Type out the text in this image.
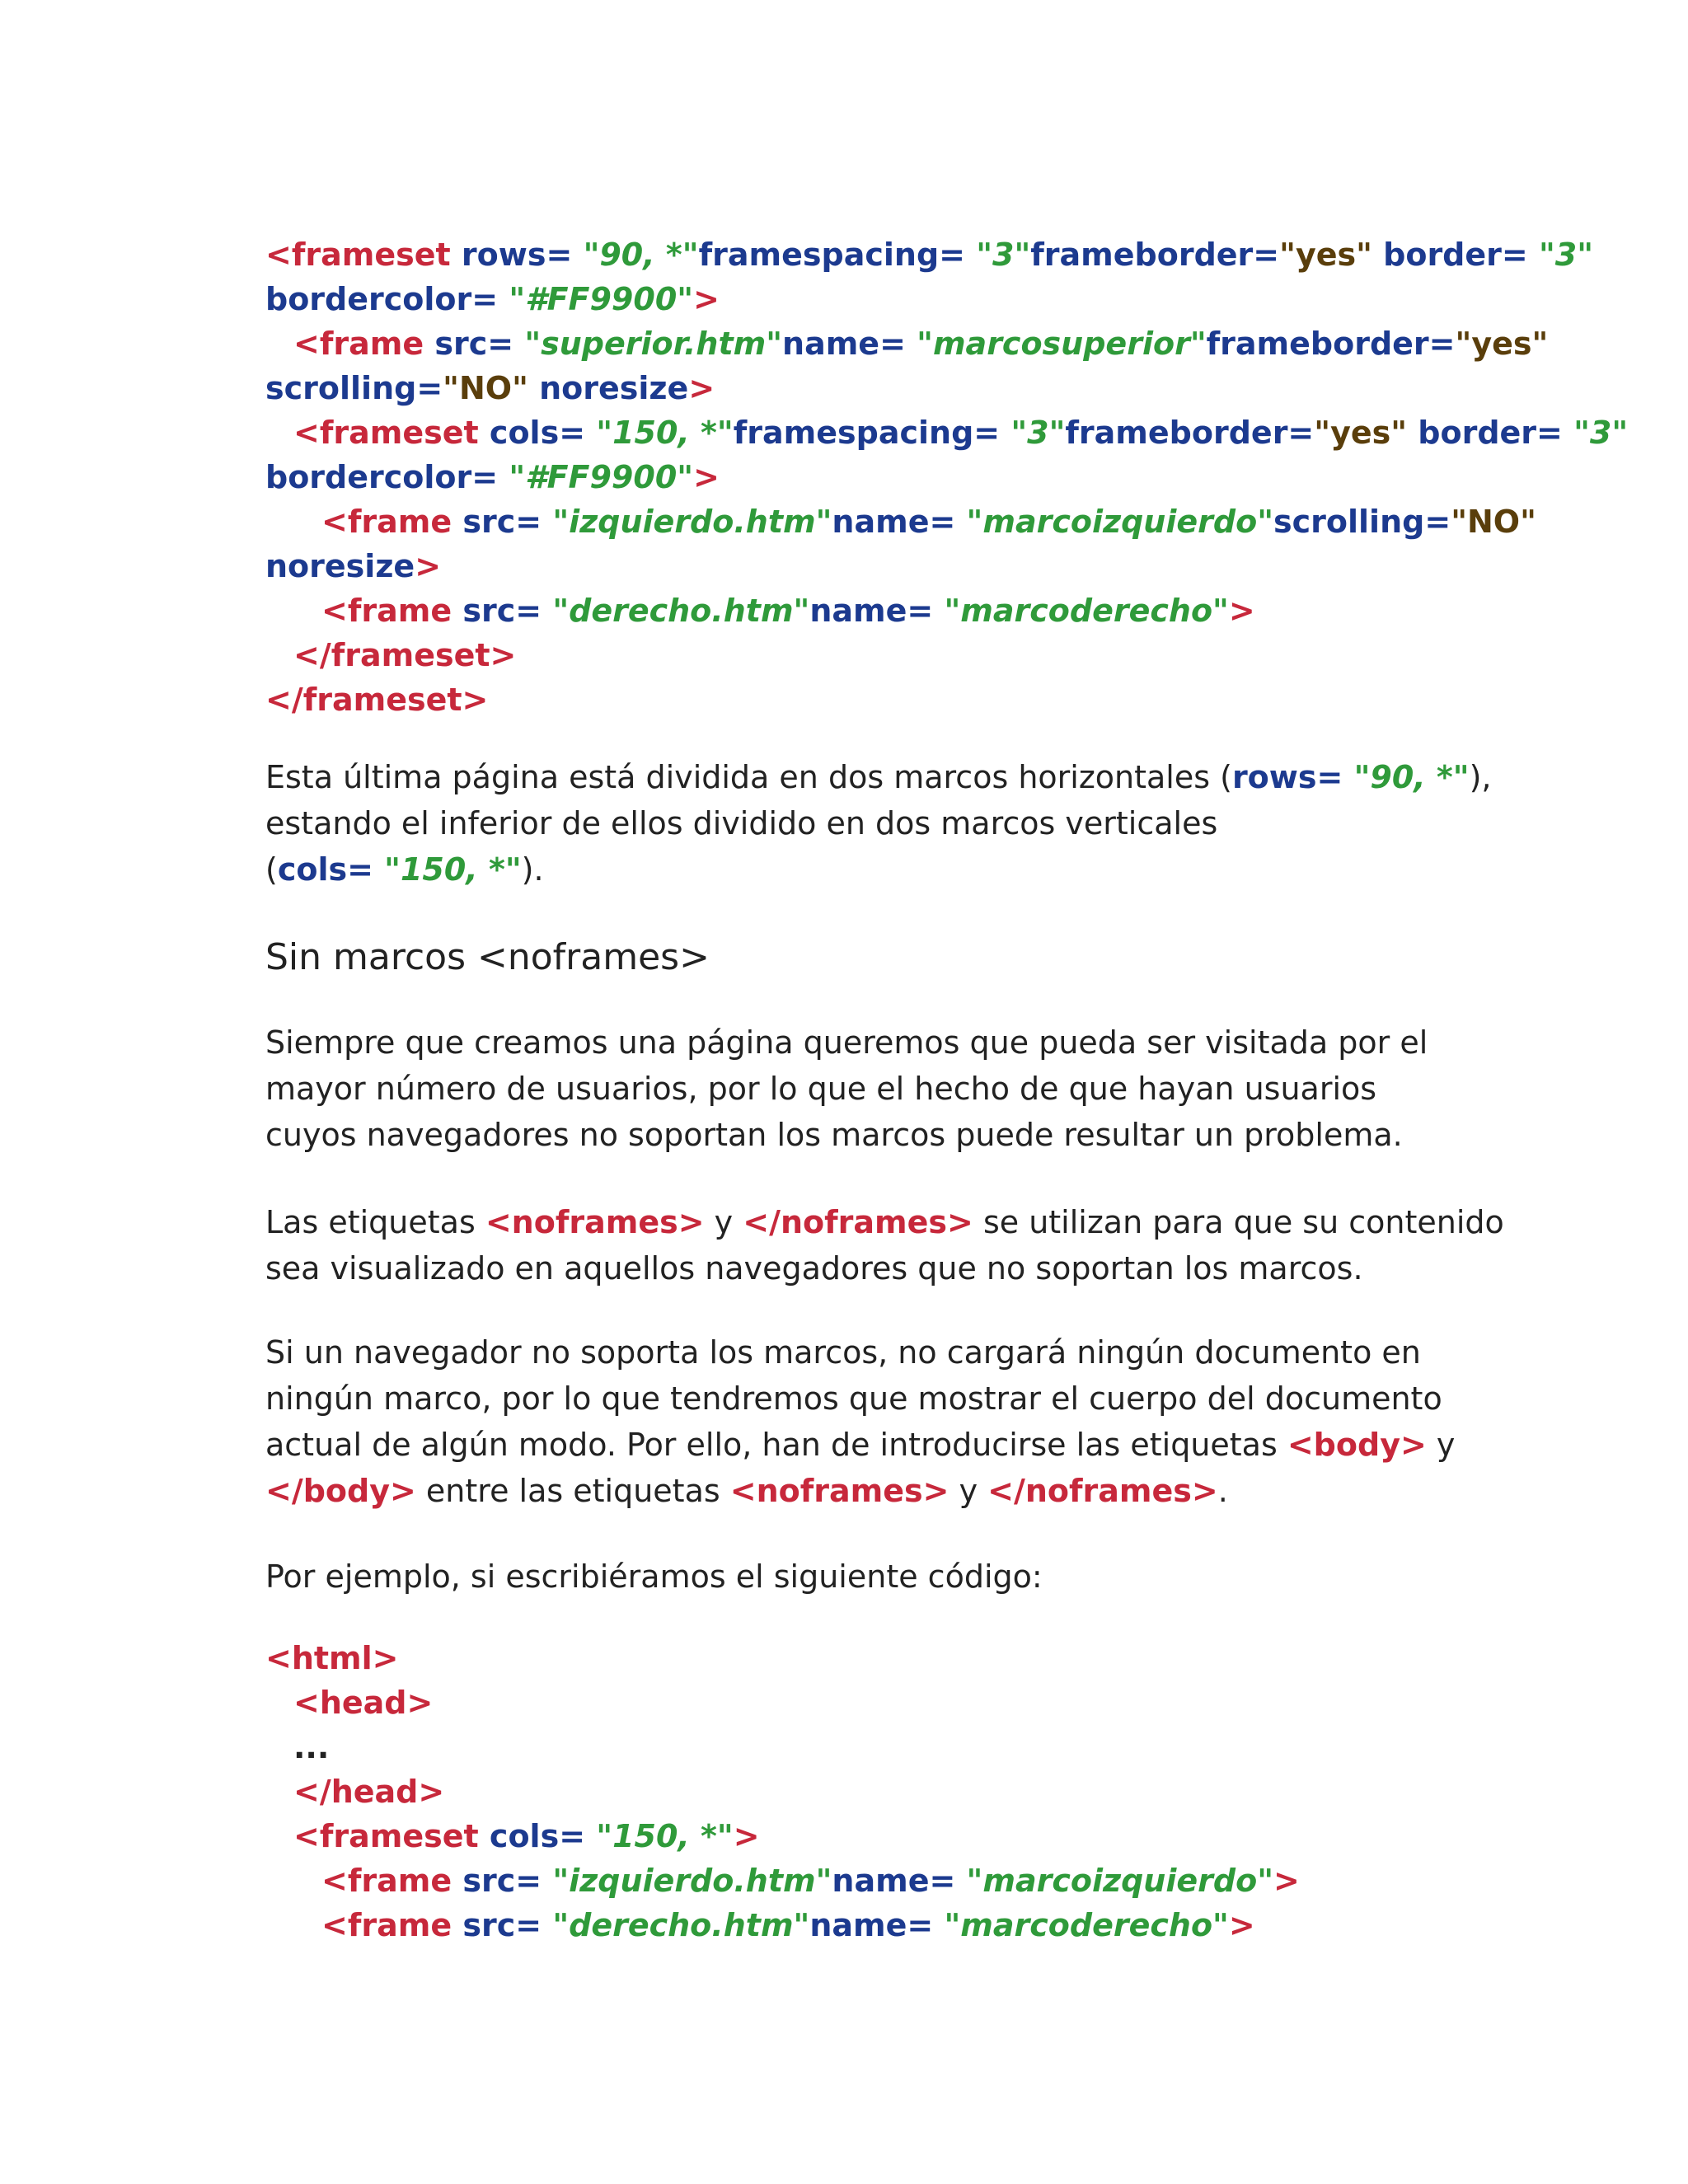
<frameset rows= "90, *"framespacing= "3"frameborder="yes" border= "3"
bordercolor= "#FF9900">
<frame src= "superior.htm"name= "marcosuperior"frameborder="yes"
scrolling="NO" noresize>
<frameset cols= "150, *"framespacing= "3"frameborder="yes" border= "3"
bordercolor= "#FF9900">
<frame src= "izquierdo.htm"name= "marcoizquierdo"scrolling="NO"
noresize>
<frame src= "derecho.htm"name= "marcoderecho">
</frameset>
</frameset>
Esta última página está dividida en dos marcos horizontales (rows= "90, *"),
estando el inferior de ellos dividido en dos marcos verticales
(cols= "150, *").
Sin marcos <noframes>
Siempre que creamos una página queremos que pueda ser visitada por el
mayor número de usuarios, por lo que el hecho de que hayan usuarios
cuyos navegadores no soportan los marcos puede resultar un problema.
Las etiquetas <noframes> y </noframes> se utilizan para que su contenido
sea visualizado en aquellos navegadores que no soportan los marcos.
Si un navegador no soporta los marcos, no cargará ningún documento en
ningún marco, por lo que tendremos que mostrar el cuerpo del documento
actual de algún modo. Por ello, han de introducirse las etiquetas <body> y
</body> entre las etiquetas <noframes> y </noframes>.
Por ejemplo, si escribiéramos el siguiente código:
<html>
<head>
...
</head>
<frameset cols= "150, *">
<frame src= "izquierdo.htm"name= "marcoizquierdo">
<frame src= "derecho.htm"name= "marcoderecho">
